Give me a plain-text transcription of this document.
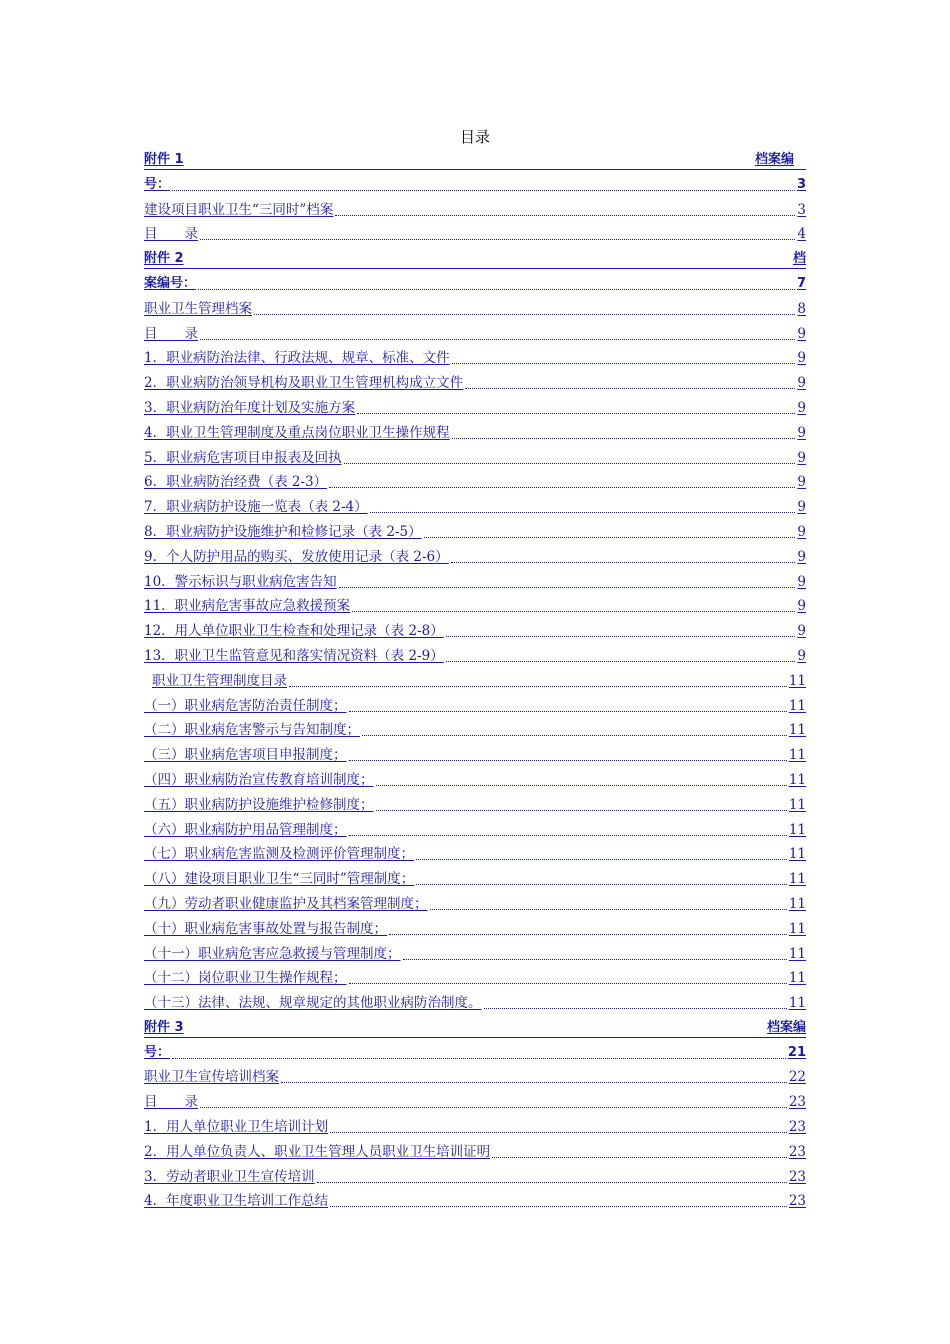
目录
附件 1	档案编
号：	3
建设项目职业卫生“三同时”档案	3
目　　录	4
附件 2	档
案编号：	7
职业卫生管理档案	8
目　　录	9
1．职业病防治法律、行政法规、规章、标准、文件	9
2．职业病防治领导机构及职业卫生管理机构成立文件	9
3．职业病防治年度计划及实施方案	9
4．职业卫生管理制度及重点岗位职业卫生操作规程	9
5．职业病危害项目申报表及回执	9
6．职业病防治经费（表 2-3）	9
7．职业病防护设施一览表（表 2-4）	9
8．职业病防护设施维护和检修记录（表 2-5）	9
9．个人防护用品的购买、发放使用记录（表 2-6）	9
10．警示标识与职业病危害告知	9
11．职业病危害事故应急救援预案	9
12．用人单位职业卫生检查和处理记录（表 2-8）	9
13．职业卫生监管意见和落实情况资料（表 2-9）	9
职业卫生管理制度目录	11
（一）职业病危害防治责任制度；	11
（二）职业病危害警示与告知制度；	11
（三）职业病危害项目申报制度；	11
（四）职业病防治宣传教育培训制度；	11
（五）职业病防护设施维护检修制度；	11
（六）职业病防护用品管理制度；	11
（七）职业病危害监测及检测评价管理制度；	11
（八）建设项目职业卫生“三同时”管理制度；	11
（九）劳动者职业健康监护及其档案管理制度；	11
（十）职业病危害事故处置与报告制度；	11
（十一）职业病危害应急救援与管理制度；	11
（十二）岗位职业卫生操作规程；	11
（十三）法律、法规、规章规定的其他职业病防治制度。	11
附件 3	档案编
号：	21
职业卫生宣传培训档案	22
目　　录	23
1．用人单位职业卫生培训计划	23
2．用人单位负责人、职业卫生管理人员职业卫生培训证明	23
3．劳动者职业卫生宣传培训	23
4．年度职业卫生培训工作总结	23
